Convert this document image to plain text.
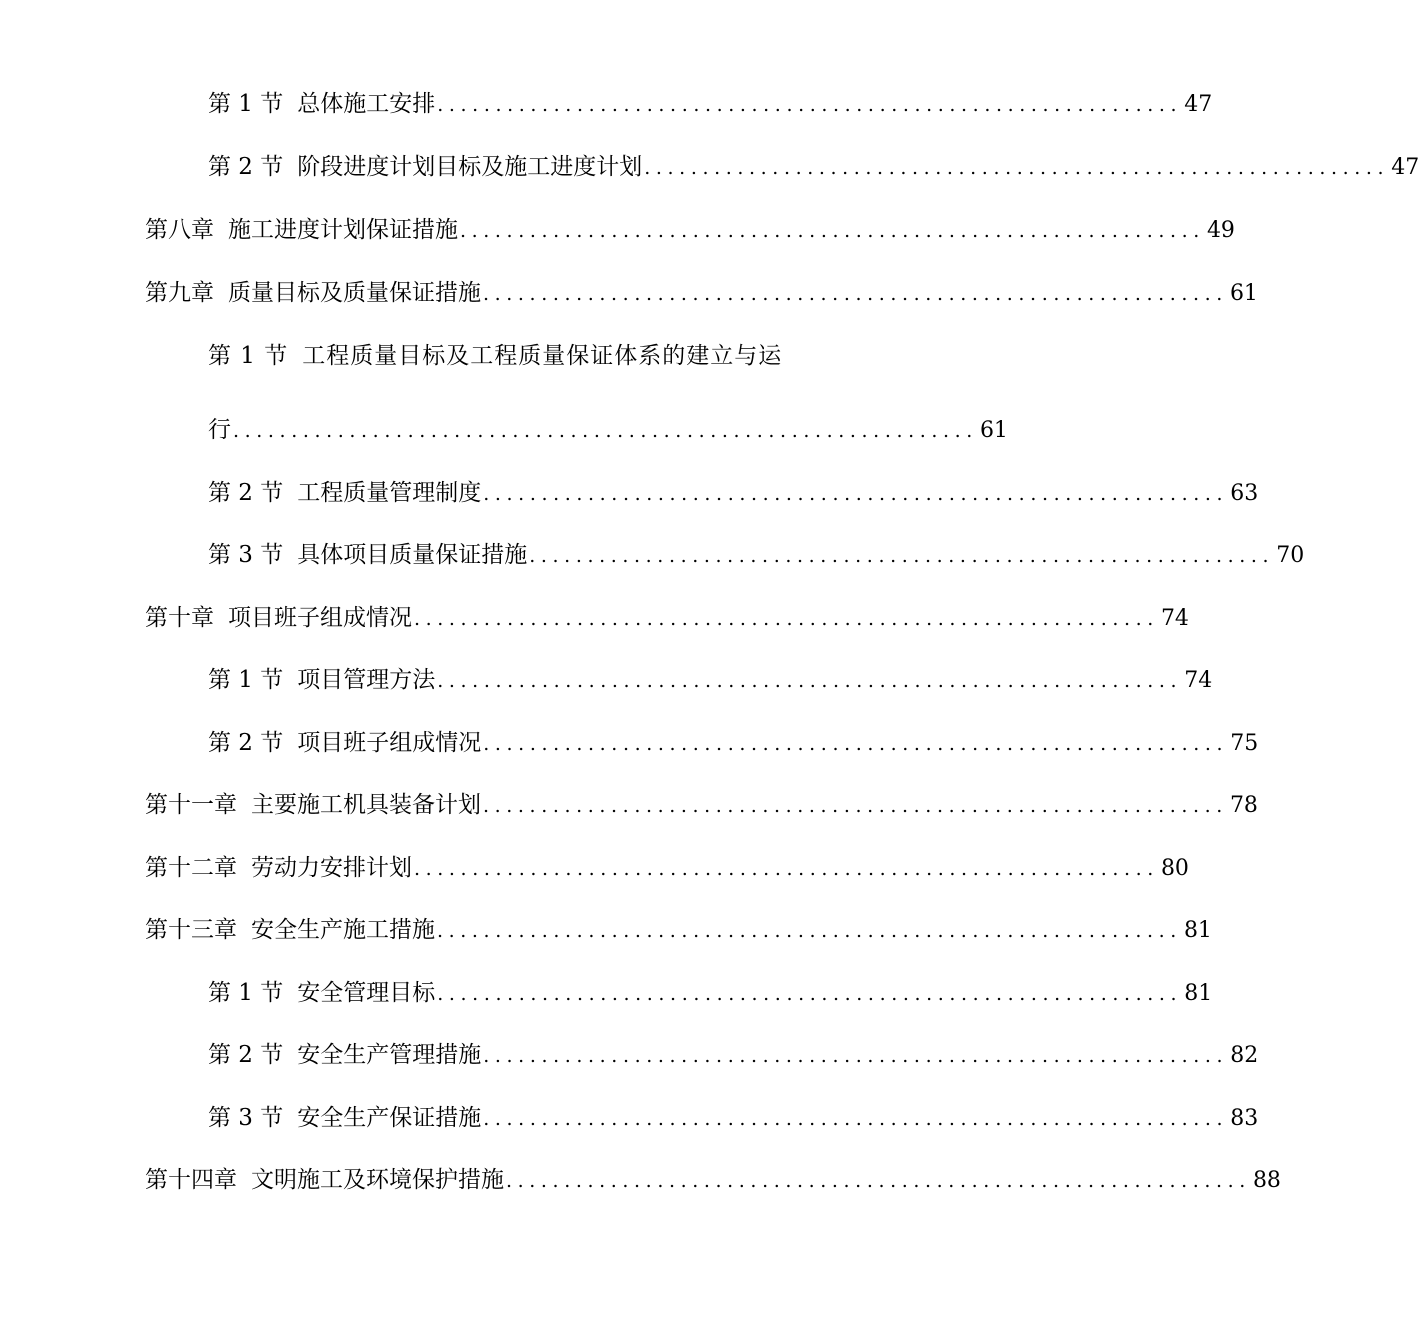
第 1 节 总体施工安排 ................................................................ 47
第 2 节 阶段进度计划目标及施工进度计划 ................................................................ 47
第八章 施工进度计划保证措施 ................................................................ 49
第九章 质量目标及质量保证措施 ................................................................ 61
第 1 节 工程质量目标及工程质量保证体系的建立与运
行 ................................................................ 61
第 2 节 工程质量管理制度 ................................................................ 63
第 3 节 具体项目质量保证措施 ................................................................ 70
第十章 项目班子组成情况 ................................................................ 74
第 1 节 项目管理方法 ................................................................ 74
第 2 节 项目班子组成情况 ................................................................ 75
第十一章 主要施工机具装备计划 ................................................................ 78
第十二章 劳动力安排计划 ................................................................ 80
第十三章 安全生产施工措施 ................................................................ 81
第 1 节 安全管理目标 ................................................................ 81
第 2 节 安全生产管理措施 ................................................................ 82
第 3 节 安全生产保证措施 ................................................................ 83
第十四章 文明施工及环境保护措施 ................................................................ 88
